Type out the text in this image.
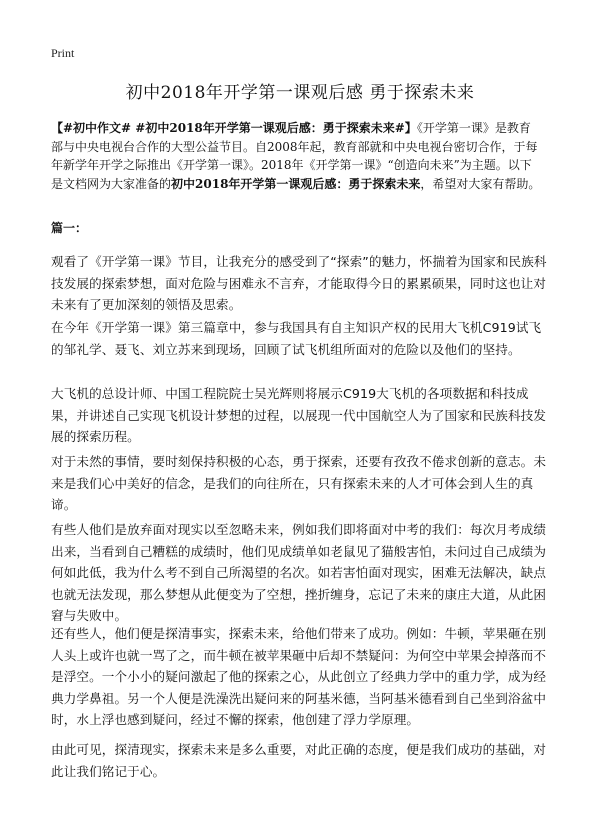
Print
初中2018年开学第一课观后感 勇于探索未来

【#初中作文# #初中2018年开学第一课观后感：勇于探索未来#】《开学第一课》是教育部与中央电视台合作的大型公益节目。自2008年起，教育部就和中央电视台密切合作，于每年新学年开学之际推出《开学第一课》。2018年《开学第一课》“创造向未来”为主题。以下是文档网为大家准备的初中2018年开学第一课观后感：勇于探索未来，希望对大家有帮助。

篇一：

观看了《开学第一课》节目，让我充分的感受到了“探索”的魅力，怀揣着为国家和民族科技发展的探索梦想，面对危险与困难永不言弃，才能取得今日的累累硕果，同时这也让对未来有了更加深刻的领悟及思索。

在今年《开学第一课》第三篇章中，参与我国具有自主知识产权的民用大飞机C919试飞的邹礼学、聂飞、刘立苏来到现场，回顾了试飞机组所面对的危险以及他们的坚持。

大飞机的总设计师、中国工程院院士吴光辉则将展示C919大飞机的各项数据和科技成果，并讲述自己实现飞机设计梦想的过程，以展现一代中国航空人为了国家和民族科技发展的探索历程。

对于未然的事情，要时刻保持积极的心态，勇于探索，还要有孜孜不倦求创新的意志。未来是我们心中美好的信念，是我们的向往所在，只有探索未来的人才可体会到人生的真谛。

有些人他们是放弃面对现实以至忽略未来，例如我们即将面对中考的我们：每次月考成绩出来，当看到自己糟糕的成绩时，他们见成绩单如老鼠见了猫般害怕，未问过自己成绩为何如此低，我为什么考不到自己所渴望的名次。如若害怕面对现实，困难无法解决，缺点也就无法发现，那么梦想从此便变为了空想，挫折缠身，忘记了未来的康庄大道，从此困窘与失败中。

还有些人，他们便是探清事实，探索未来，给他们带来了成功。例如：牛顿，苹果砸在别人头上或许也就一骂了之，而牛顿在被苹果砸中后却不禁疑问：为何空中苹果会掉落而不是浮空。一个小小的疑问激起了他的探索之心，从此创立了经典力学中的重力学，成为经典力学鼻祖。另一个人便是洗澡洗出疑问来的阿基米德，当阿基米德看到自己坐到浴盆中时，水上浮也感到疑问，经过不懈的探索，他创建了浮力学原理。

由此可见，探清现实，探索未来是多么重要，对此正确的态度，便是我们成功的基础，对此让我们铭记于心。
